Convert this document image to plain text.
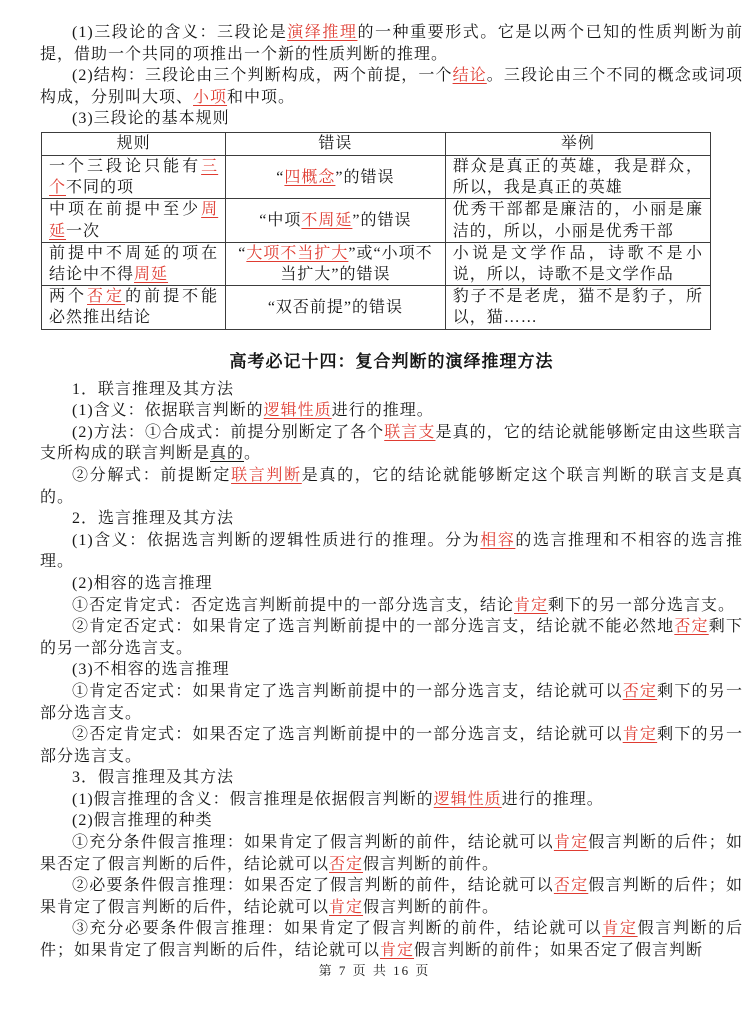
(1)三段论的含义：三段论是演绎推理的一种重要形式。它是以两个已知的性质判断为前提，借助一个共同的项推出一个新的性质判断的推理。

(2)结构：三段论由三个判断构成，两个前提，一个结论。三段论由三个不同的概念或词项构成，分别叫大项、小项和中项。

(3)三段论的基本规则

规则	错误	举例
一个三段论只能有三个不同的项	“四概念”的错误	群众是真正的英雄，我是群众，所以，我是真正的英雄
中项在前提中至少周延一次	“中项不周延”的错误	优秀干部都是廉洁的，小丽是廉洁的，所以，小丽是优秀干部
前提中不周延的项在结论中不得周延	“大项不当扩大”或“小项不当扩大”的错误	小说是文学作品，诗歌不是小说，所以，诗歌不是文学作品
两个否定的前提不能必然推出结论	“双否前提”的错误	豹子不是老虎，猫不是豹子，所以，猫……
高考必记十四：复合判断的演绎推理方法

1．联言推理及其方法

(1)含义：依据联言判断的逻辑性质进行的推理。

(2)方法：①合成式：前提分别断定了各个联言支是真的，它的结论就能够断定由这些联言支所构成的联言判断是真的。

②分解式：前提断定联言判断是真的，它的结论就能够断定这个联言判断的联言支是真的。

2．选言推理及其方法

(1)含义：依据选言判断的逻辑性质进行的推理。分为相容的选言推理和不相容的选言推理。

(2)相容的选言推理

①否定肯定式：否定选言判断前提中的一部分选言支，结论肯定剩下的另一部分选言支。

②肯定否定式：如果肯定了选言判断前提中的一部分选言支，结论就不能必然地否定剩下的另一部分选言支。

(3)不相容的选言推理

①肯定否定式：如果肯定了选言判断前提中的一部分选言支，结论就可以否定剩下的另一部分选言支。

②否定肯定式：如果否定了选言判断前提中的一部分选言支，结论就可以肯定剩下的另一部分选言支。

3．假言推理及其方法

(1)假言推理的含义：假言推理是依据假言判断的逻辑性质进行的推理。

(2)假言推理的种类

①充分条件假言推理：如果肯定了假言判断的前件，结论就可以肯定假言判断的后件；如果否定了假言判断的后件，结论就可以否定假言判断的前件。

②必要条件假言推理：如果否定了假言判断的前件，结论就可以否定假言判断的后件；如果肯定了假言判断的后件，结论就可以肯定假言判断的前件。

③充分必要条件假言推理：如果肯定了假言判断的前件，结论就可以肯定假言判断的后件；如果肯定了假言判断的后件，结论就可以肯定假言判断的前件；如果否定了假言判断

第 7 页 共 16 页
